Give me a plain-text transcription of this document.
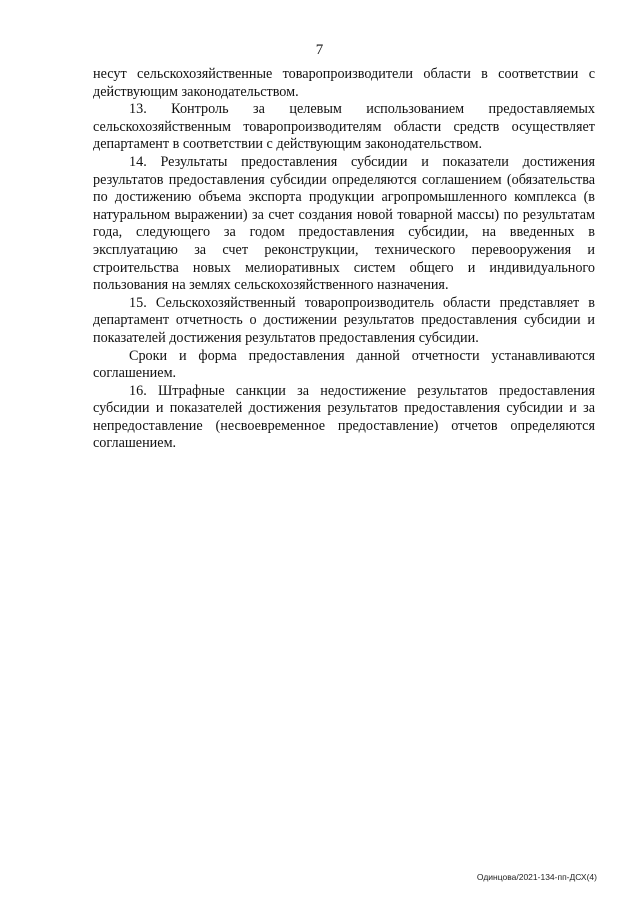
7

несут сельскохозяйственные товаропроизводители области в соответствии с действующим законодательством.

13. Контроль за целевым использованием предоставляемых сельскохозяйственным товаропроизводителям области средств осуществляет департамент в соответствии с действующим законодательством.

14. Результаты предоставления субсидии и показатели достижения результатов предоставления субсидии определяются соглашением (обязательства по достижению объема экспорта продукции агропромышленного комплекса (в натуральном выражении) за счет создания новой товарной массы) по результатам года, следующего за годом предоставления субсидии, на введенных в эксплуатацию за счет реконструкции, технического перевооружения и строительства новых мелиоративных систем общего и индивидуального пользования на землях сельскохозяйственного назначения.

15. Сельскохозяйственный товаропроизводитель области представляет в департамент отчетность о достижении результатов предоставления субсидии и показателей достижения результатов предоставления субсидии.

Сроки и форма предоставления данной отчетности устанавливаются соглашением.

16. Штрафные санкции за недостижение результатов предоставления субсидии и показателей достижения результатов предоставления субсидии и за непредоставление (несвоевременное предоставление) отчетов определяются соглашением.

Одинцова/2021-134-пп-ДСХ(4)
